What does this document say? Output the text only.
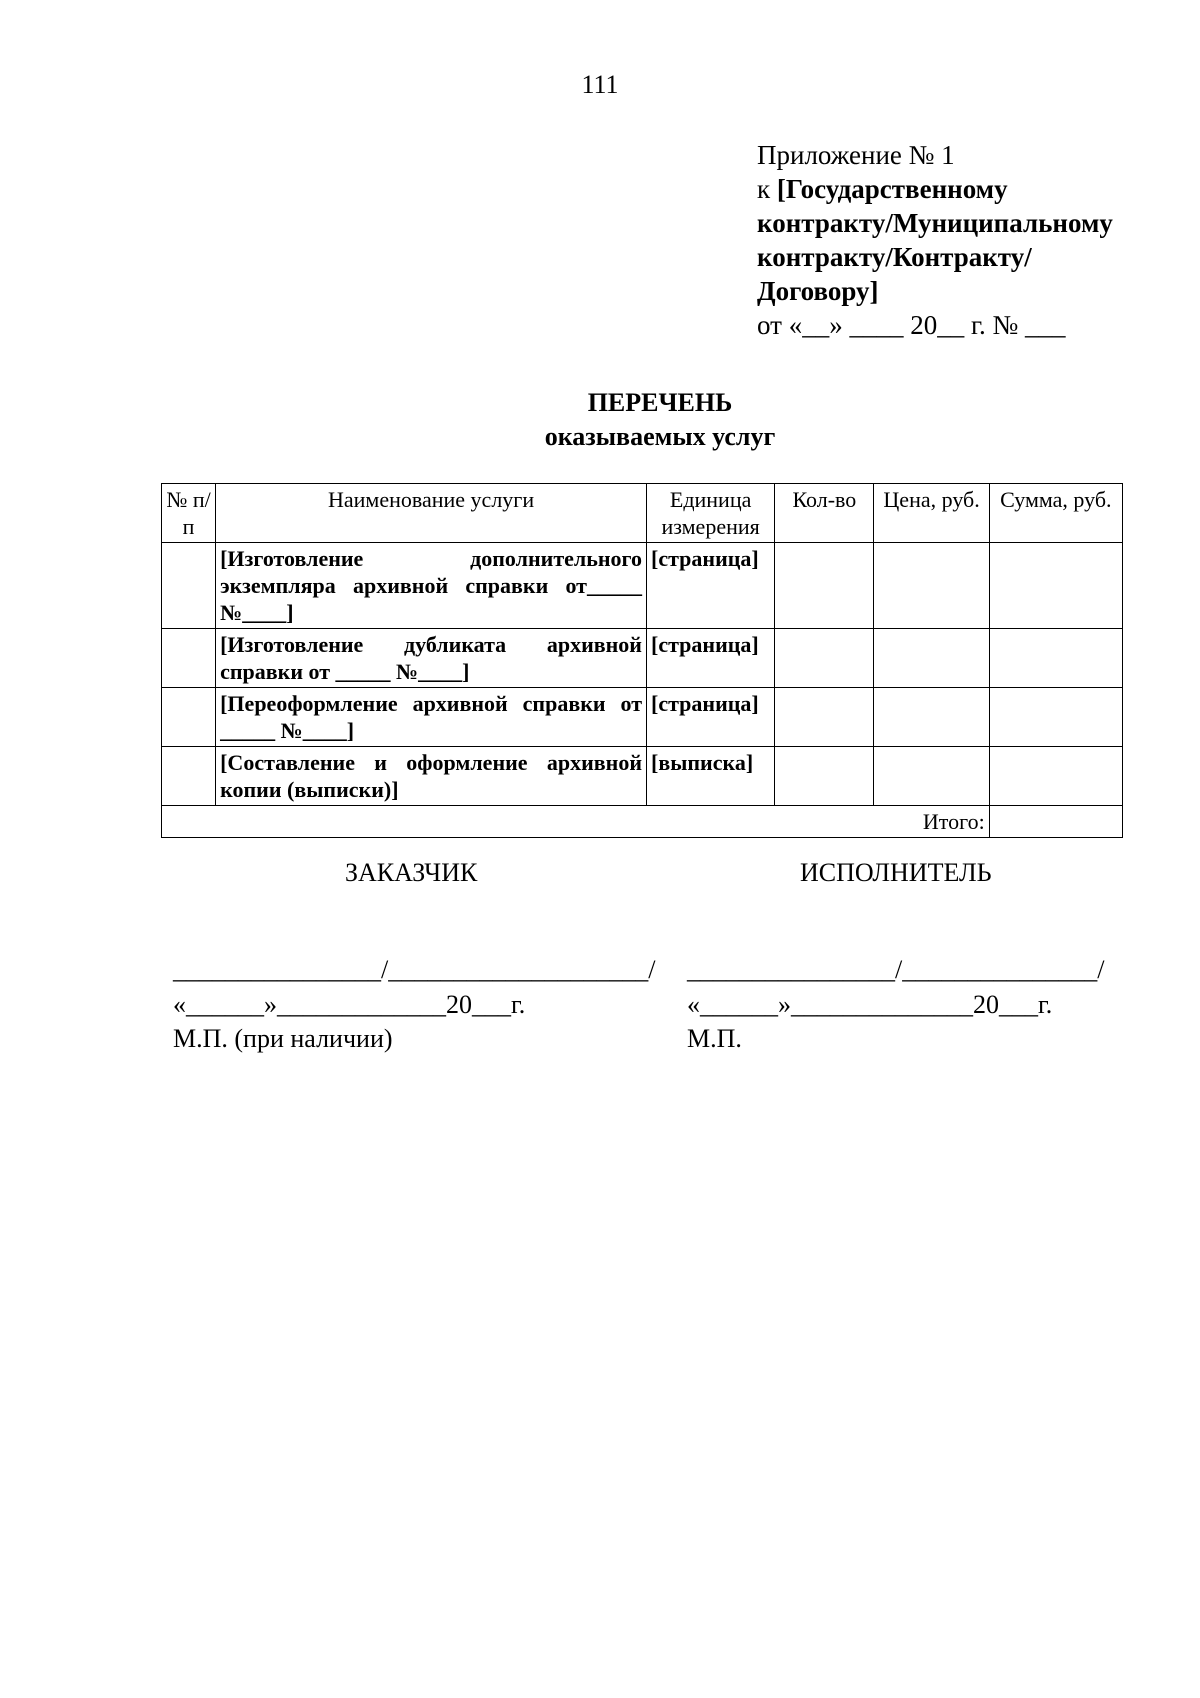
111
Приложение № 1
к [Государственному
контракту/Муниципальному
контракту/Контракту/
Договору]
от «__» ____ 20__ г. № ___
ПЕРЕЧЕНЬ
оказываемых услуг
№ п/п	Наименование услуги	Единица измерения	Кол-во	Цена, руб.	Сумма, руб.
	[Изготовление дополнительного экземпляра архивной справки от_____ №____]	[страница]			
	[Изготовление дубликата архивной справки от _____ №____]	[страница]			
	[Переоформление архивной справки от _____ №____]	[страница]			
	[Составление и оформление архивной копии (выписки)]	[выписка]			
Итого:					
ЗАКАЗЧИК	ИСПОЛНИТЕЛЬ
________________/____________________/
«______»_____________20___г.
М.П. (при наличии)
________________/_______________/
«______»______________20___г.
М.П.
